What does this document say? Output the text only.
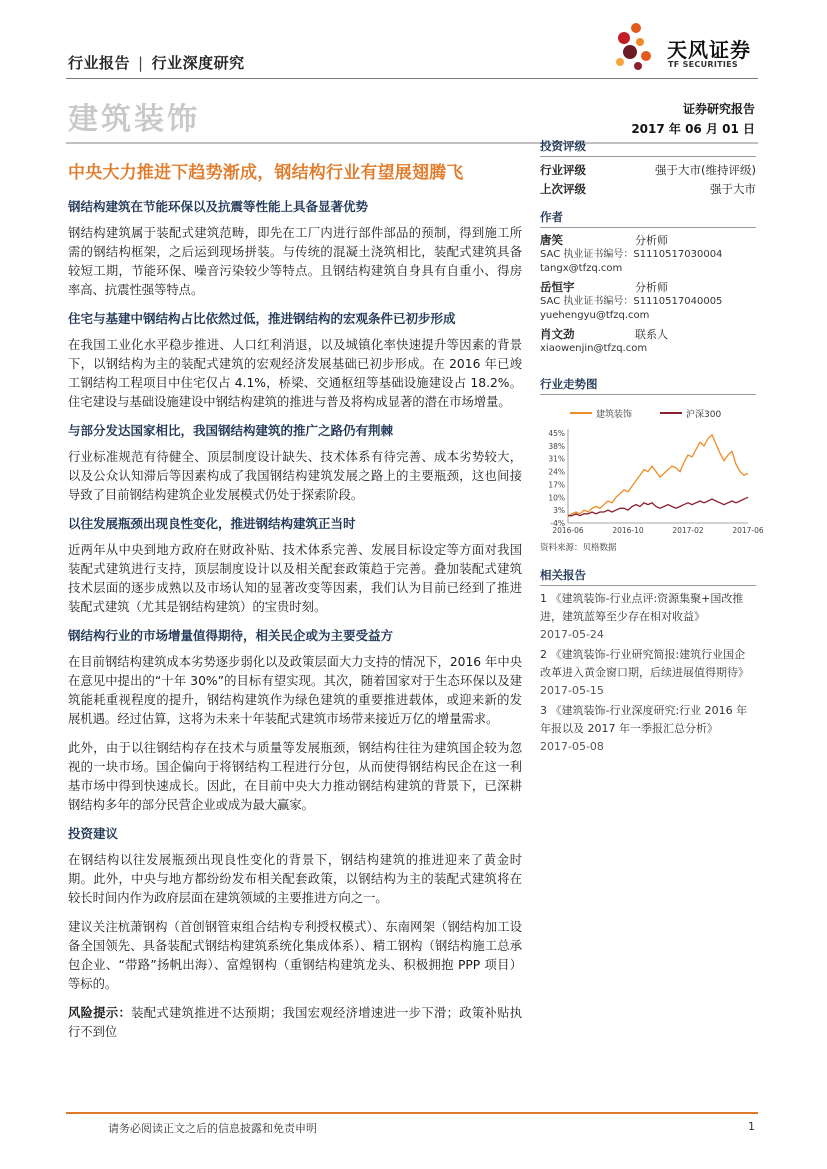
行业报告 | 行业深度研究
天风证券
TF SECURITIES
建筑装饰	证券研究报告
2017 年 06 月 01 日
中央大力推进下趋势渐成，钢结构行业有望展翅腾飞
钢结构建筑在节能环保以及抗震等性能上具备显著优势
钢结构建筑属于装配式建筑范畴，即先在工厂内进行部件部品的预制，得到施工所需的钢结构框架，之后运到现场拼装。与传统的混凝土浇筑相比，装配式建筑具备较短工期，节能环保、噪音污染较少等特点。且钢结构建筑自身具有自重小、得房率高、抗震性强等特点。
住宅与基建中钢结构占比依然过低，推进钢结构的宏观条件已初步形成
在我国工业化水平稳步推进、人口红利消退，以及城镇化率快速提升等因素的背景下，以钢结构为主的装配式建筑的宏观经济发展基础已初步形成。在 2016 年已竣工钢结构工程项目中住宅仅占 4.1%，桥梁、交通枢纽等基础设施建设占 18.2%。住宅建设与基础设施建设中钢结构建筑的推进与普及将构成显著的潜在市场增量。
与部分发达国家相比，我国钢结构建筑的推广之路仍有荆棘
行业标准规范有待健全、顶层制度设计缺失、技术体系有待完善、成本劣势较大，以及公众认知滞后等因素构成了我国钢结构建筑发展之路上的主要瓶颈，这也间接导致了目前钢结构建筑企业发展模式仍处于探索阶段。
以往发展瓶颈出现良性变化，推进钢结构建筑正当时
近两年从中央到地方政府在财政补贴、技术体系完善、发展目标设定等方面对我国装配式建筑进行支持，顶层制度设计以及相关配套政策趋于完善。叠加装配式建筑技术层面的逐步成熟以及市场认知的显著改变等因素，我们认为目前已经到了推进装配式建筑（尤其是钢结构建筑）的宝贵时刻。
钢结构行业的市场增量值得期待，相关民企或为主要受益方
在目前钢结构建筑成本劣势逐步弱化以及政策层面大力支持的情况下，2016 年中央在意见中提出的“十年 30%”的目标有望实现。其次，随着国家对于生态环保以及建筑能耗重视程度的提升，钢结构建筑作为绿色建筑的重要推进载体，或迎来新的发展机遇。经过估算，这将为未来十年装配式建筑市场带来接近万亿的增量需求。
此外，由于以往钢结构存在技术与质量等发展瓶颈，钢结构往往为建筑国企较为忽视的一块市场。国企偏向于将钢结构工程进行分包，从而使得钢结构民企在这一利基市场中得到快速成长。因此，在目前中央大力推动钢结构建筑的背景下，已深耕钢结构多年的部分民营企业或成为最大赢家。
投资建议
在钢结构以往发展瓶颈出现良性变化的背景下，钢结构建筑的推进迎来了黄金时期。此外，中央与地方都纷纷发布相关配套政策，以钢结构为主的装配式建筑将在较长时间内作为政府层面在建筑领域的主要推进方向之一。
建议关注杭萧钢构（首创钢管束组合结构专利授权模式）、东南网架（钢结构加工设备全国领先、具备装配式钢结构建筑系统化集成体系）、精工钢构（钢结构施工总承包企业、“带路”扬帆出海）、富煌钢构（重钢结构建筑龙头、积极拥抱 PPP 项目）等标的。
风险提示：装配式建筑推进不达预期；我国宏观经济增速进一步下滑；政策补贴执行不到位
投资评级
行业评级	强于大市(维持评级)
上次评级	强于大市
作者
唐笑	分析师
SAC 执业证书编号：S1110517030004
tangx@tfzq.com
岳恒宇	分析师
SAC 执业证书编号：S1110517040005
yuehengyu@tfzq.com
肖文劲	联系人
xiaowenjin@tfzq.com
行业走势图
建筑装饰	沪深300
45%
38%
31%
24%
17%
10%
3%
-4%
2016-06	2016-10	2017-02	2017-06
资料来源：贝格数据
相关报告
1 《建筑装饰-行业点评:资源集聚+国改推进，建筑蓝筹至少存在相对收益》
2017-05-24
2 《建筑装饰-行业研究简报:建筑行业国企改革进入黄金窗口期，后续进展值得期待》
2017-05-15
3 《建筑装饰-行业深度研究:行业 2016 年年报以及 2017 年一季报汇总分析》
2017-05-08
请务必阅读正文之后的信息披露和免责申明	1
